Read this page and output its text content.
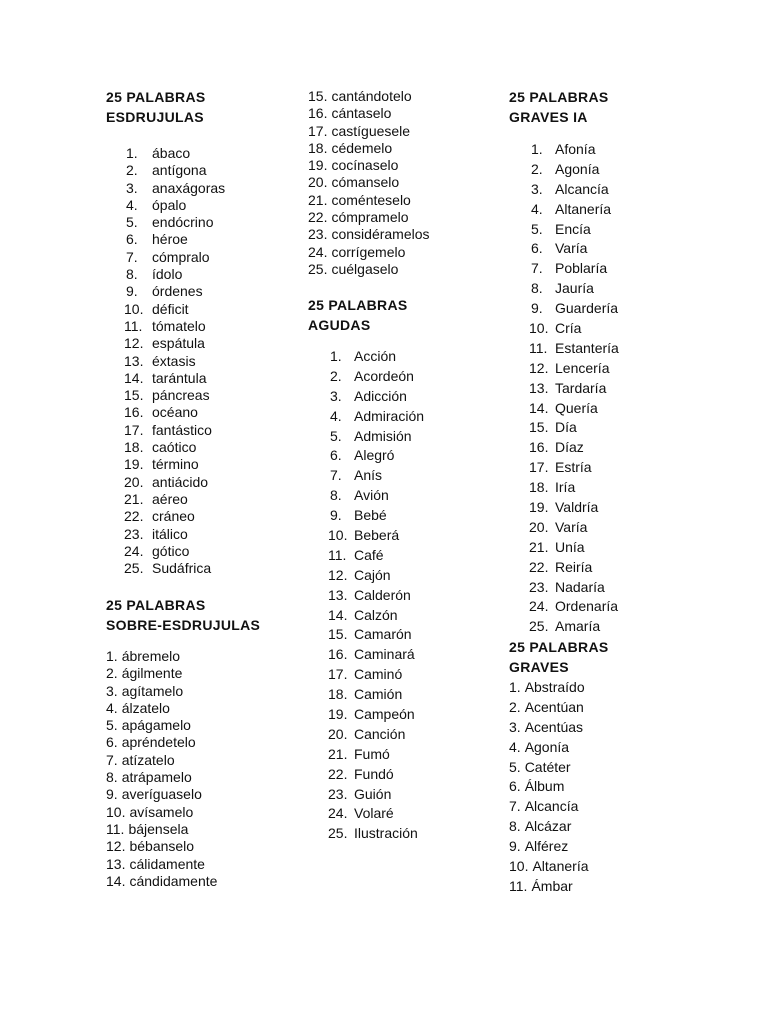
25 PALABRAS
ESDRUJULAS
1. ábaco
2. antígona
3. anaxágoras
4. ópalo
5. endócrino
6. héroe
7. cómpralo
8. ídolo
9. órdenes
10. déficit
11. tómatelo
12. espátula
13. éxtasis
14. tarántula
15. páncreas
16. océano
17. fantástico
18. caótico
19. término
20. antiácido
21. aéreo
22. cráneo
23. itálico
24. gótico
25. Sudáfrica
25 PALABRAS
SOBRE-ESDRUJULAS
1. ábremelo
2. ágilmente
3. agítamelo
4. álzatelo
5. apágamelo
6. apréndetelo
7. atízatelo
8. atrápamelo
9. averíguaselo
10. avísamelo
11. bájensela
12. bébanselo
13. cálidamente
14. cándidamente
15. cantándotelo
16. cántaselo
17. castíguesele
18. cédemelo
19. cocínaselo
20. cómanselo
21. coménteselo
22. cómpramelo
23. considéramelos
24. corrígemelo
25. cuélgaselo
25 PALABRAS
AGUDAS
1. Acción
2. Acordeón
3. Adicción
4. Admiración
5. Admisión
6. Alegró
7. Anís
8. Avión
9. Bebé
10. Beberá
11. Café
12. Cajón
13. Calderón
14. Calzón
15. Camarón
16. Caminará
17. Caminó
18. Camión
19. Campeón
20. Canción
21. Fumó
22. Fundó
23. Guión
24. Volaré
25. Ilustración
25 PALABRAS
GRAVES IA
1. Afonía
2. Agonía
3. Alcancía
4. Altanería
5. Encía
6. Varía
7. Poblaría
8. Jauría
9. Guardería
10. Cría
11. Estantería
12. Lencería
13. Tardaría
14. Quería
15. Día
16. Díaz
17. Estría
18. Iría
19. Valdría
20. Varía
21. Unía
22. Reiría
23. Nadaría
24. Ordenaría
25. Amaría
25 PALABRAS
GRAVES
1. Abstraído
2. Acentúan
3. Acentúas
4. Agonía
5. Catéter
6. Álbum
7. Alcancía
8. Alcázar
9. Alférez
10. Altanería
11. Ámbar
